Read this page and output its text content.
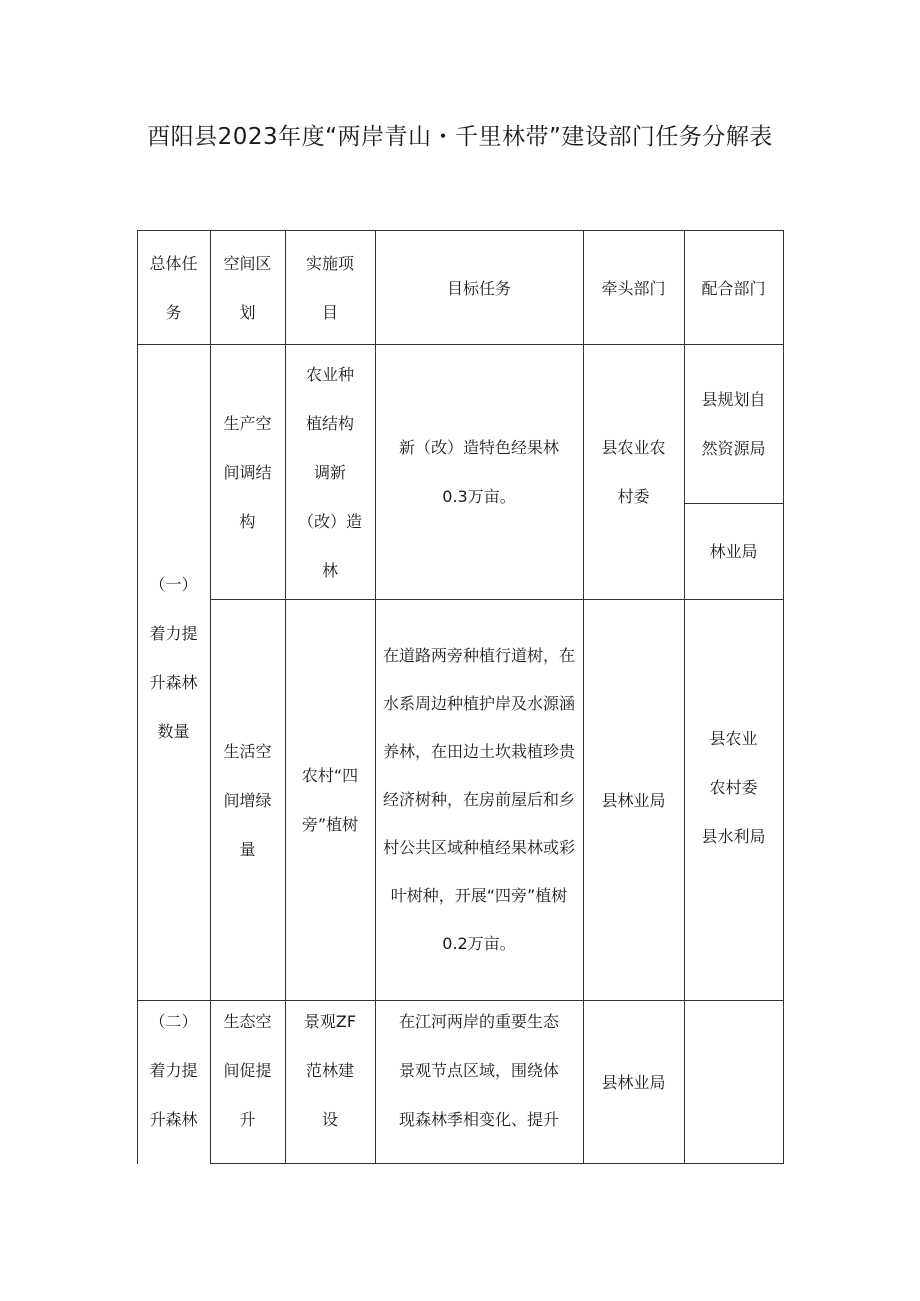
酉阳县2023年度“两岸青山・千里林带”建设部门任务分解表
总体任
务
空间区
划
实施项
目
目标任务	牵头部门	配合部门
（一）
着力提
升森林
数量
生产空
间调结
构
农业种
植结构
调新
（改）造
林
新（改）造特色经果林
0.3万亩。
县农业农
村委
县规划自
然资源局
林业局
生活空
间增绿
量
农村“四
旁”植树
在道路两旁种植行道树，在
水系周边种植护岸及水源涵
养林，在田边土坎栽植珍贵
经济树种，在房前屋后和乡
村公共区域种植经果林或彩
叶树种，开展“四旁”植树
0.2万亩。
县林业局
县农业
农村委
县水利局
（二）
着力提
升森林
生态空
间促提
升
景观ZF
范林建
设
在江河两岸的重要生态
景观节点区域，围绕体
现森林季相变化、提升
县林业局
